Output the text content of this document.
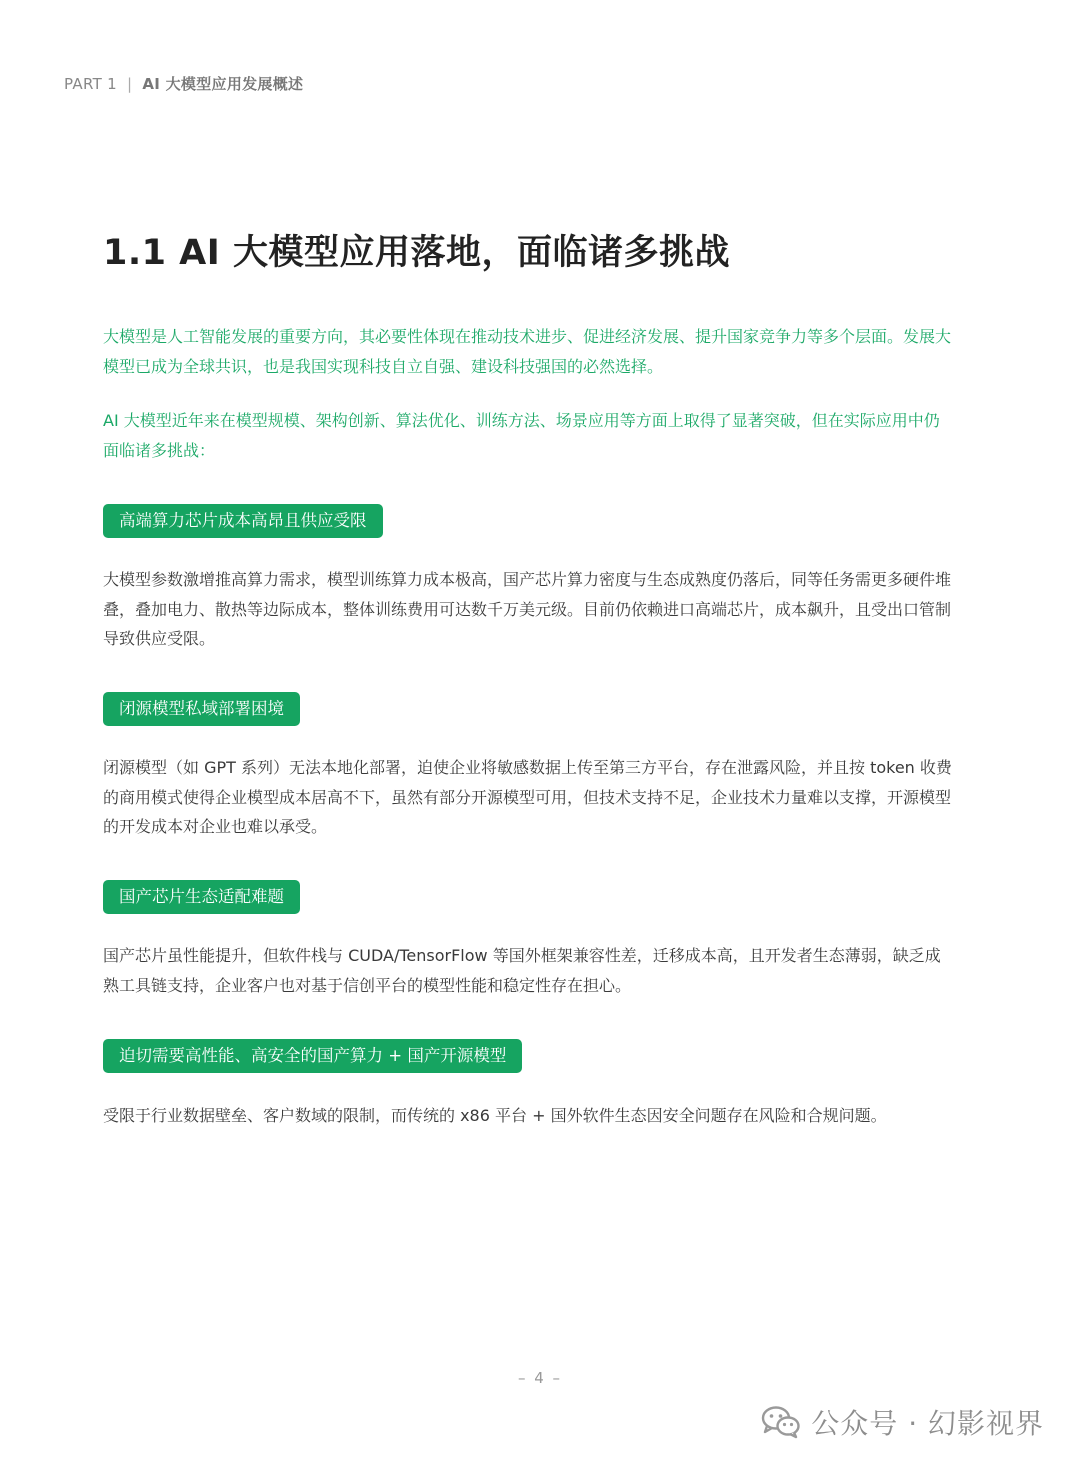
PART 1 | AI 大模型应用发展概述
1.1 AI 大模型应用落地，面临诸多挑战

大模型是人工智能发展的重要方向，其必要性体现在推动技术进步、促进经济发展、提升国家竞争力等多个层面。发展大模型已成为全球共识，也是我国实现科技自立自强、建设科技强国的必然选择。

AI 大模型近年来在模型规模、架构创新、算法优化、训练方法、场景应用等方面上取得了显著突破，但在实际应用中仍面临诸多挑战：

高端算力芯片成本高昂且供应受限

大模型参数激增推高算力需求，模型训练算力成本极高，国产芯片算力密度与生态成熟度仍落后，同等任务需更多硬件堆叠，叠加电力、散热等边际成本，整体训练费用可达数千万美元级。目前仍依赖进口高端芯片，成本飙升，且受出口管制导致供应受限。

闭源模型私域部署困境

闭源模型（如 GPT 系列）无法本地化部署，迫使企业将敏感数据上传至第三方平台，存在泄露风险，并且按 token 收费的商用模式使得企业模型成本居高不下，虽然有部分开源模型可用，但技术支持不足，企业技术力量难以支撑，开源模型的开发成本对企业也难以承受。

国产芯片生态适配难题

国产芯片虽性能提升，但软件栈与 CUDA/TensorFlow 等国外框架兼容性差，迁移成本高，且开发者生态薄弱，缺乏成熟工具链支持，企业客户也对基于信创平台的模型性能和稳定性存在担心。

迫切需要高性能、高安全的国产算力 + 国产开源模型

受限于行业数据壁垒、客户数域的限制，而传统的 x86 平台 + 国外软件生态因安全问题存在风险和合规问题。

– 4 –
公众号 · 幻影视界
